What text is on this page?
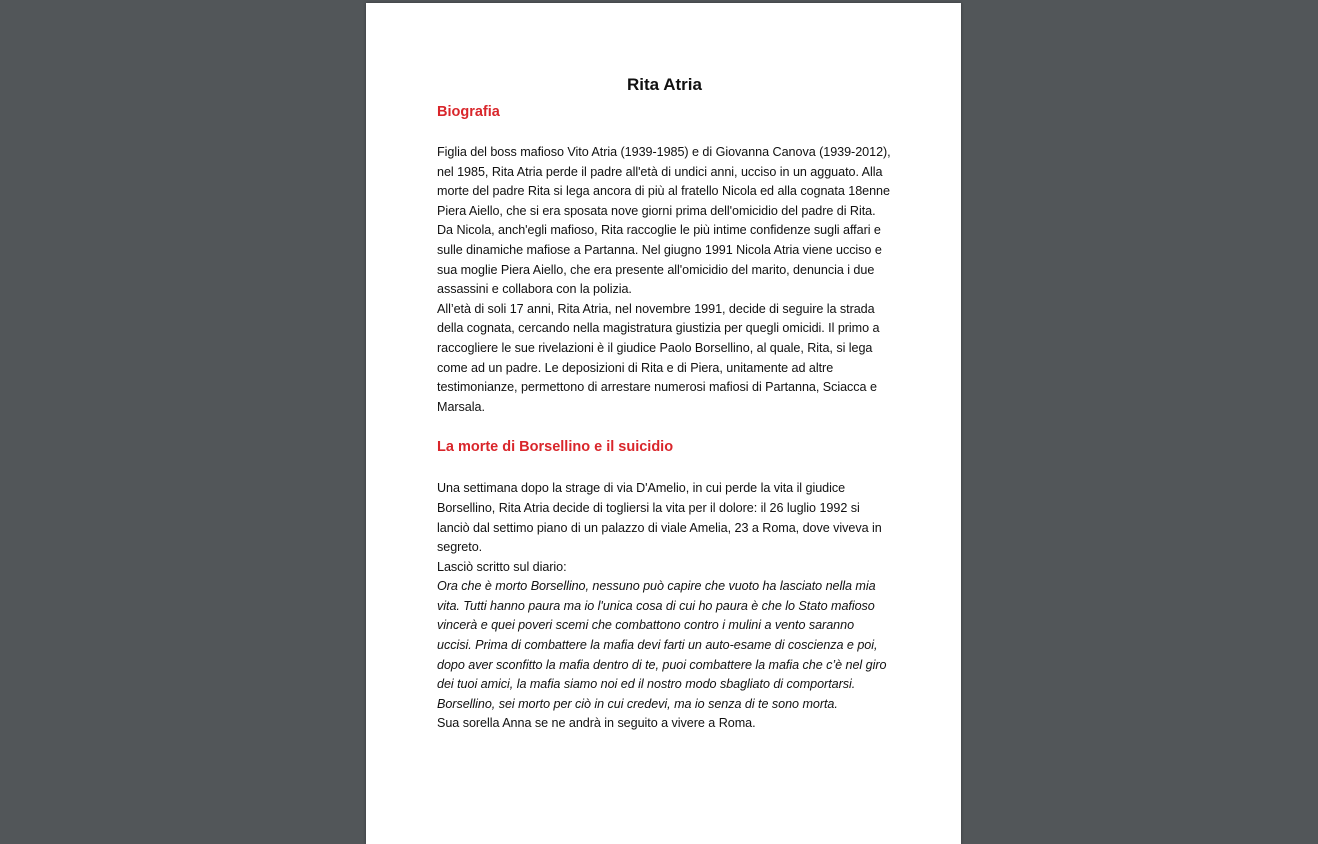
Rita Atria
Biografia

Figlia del boss mafioso Vito Atria (1939-1985) e di Giovanna Canova (1939-2012), nel 1985, Rita Atria perde il padre all'età di undici anni, ucciso in un agguato. Alla morte del padre Rita si lega ancora di più al fratello Nicola ed alla cognata 18enne Piera Aiello, che si era sposata nove giorni prima dell'omicidio del padre di Rita. Da Nicola, anch'egli mafioso, Rita raccoglie le più intime confidenze sugli affari e sulle dinamiche mafiose a Partanna. Nel giugno 1991 Nicola Atria viene ucciso e sua moglie Piera Aiello, che era presente all'omicidio del marito, denuncia i due assassini e collabora con la polizia.
All’età di soli 17 anni, Rita Atria, nel novembre 1991, decide di seguire la strada della cognata, cercando nella magistratura giustizia per quegli omicidi. Il primo a raccogliere le sue rivelazioni è il giudice Paolo Borsellino, al quale, Rita, si lega come ad un padre. Le deposizioni di Rita e di Piera, unitamente ad altre testimonianze, permettono di arrestare numerosi mafiosi di Partanna, Sciacca e Marsala.

La morte di Borsellino e il suicidio

Una settimana dopo la strage di via D'Amelio, in cui perde la vita il giudice Borsellino, Rita Atria decide di togliersi la vita per il dolore: il 26 luglio 1992 si lanciò dal settimo piano di un palazzo di viale Amelia, 23 a Roma, dove viveva in segreto.
Lasciò scritto sul diario:
Ora che è morto Borsellino, nessuno può capire che vuoto ha lasciato nella mia vita. Tutti hanno paura ma io l'unica cosa di cui ho paura è che lo Stato mafioso vincerà e quei poveri scemi che combattono contro i mulini a vento saranno uccisi. Prima di combattere la mafia devi farti un auto-esame di coscienza e poi, dopo aver sconfitto la mafia dentro di te, puoi combattere la mafia che c’è nel giro dei tuoi amici, la mafia siamo noi ed il nostro modo sbagliato di comportarsi. Borsellino, sei morto per ciò in cui credevi, ma io senza di te sono morta.
Sua sorella Anna se ne andrà in seguito a vivere a Roma.
